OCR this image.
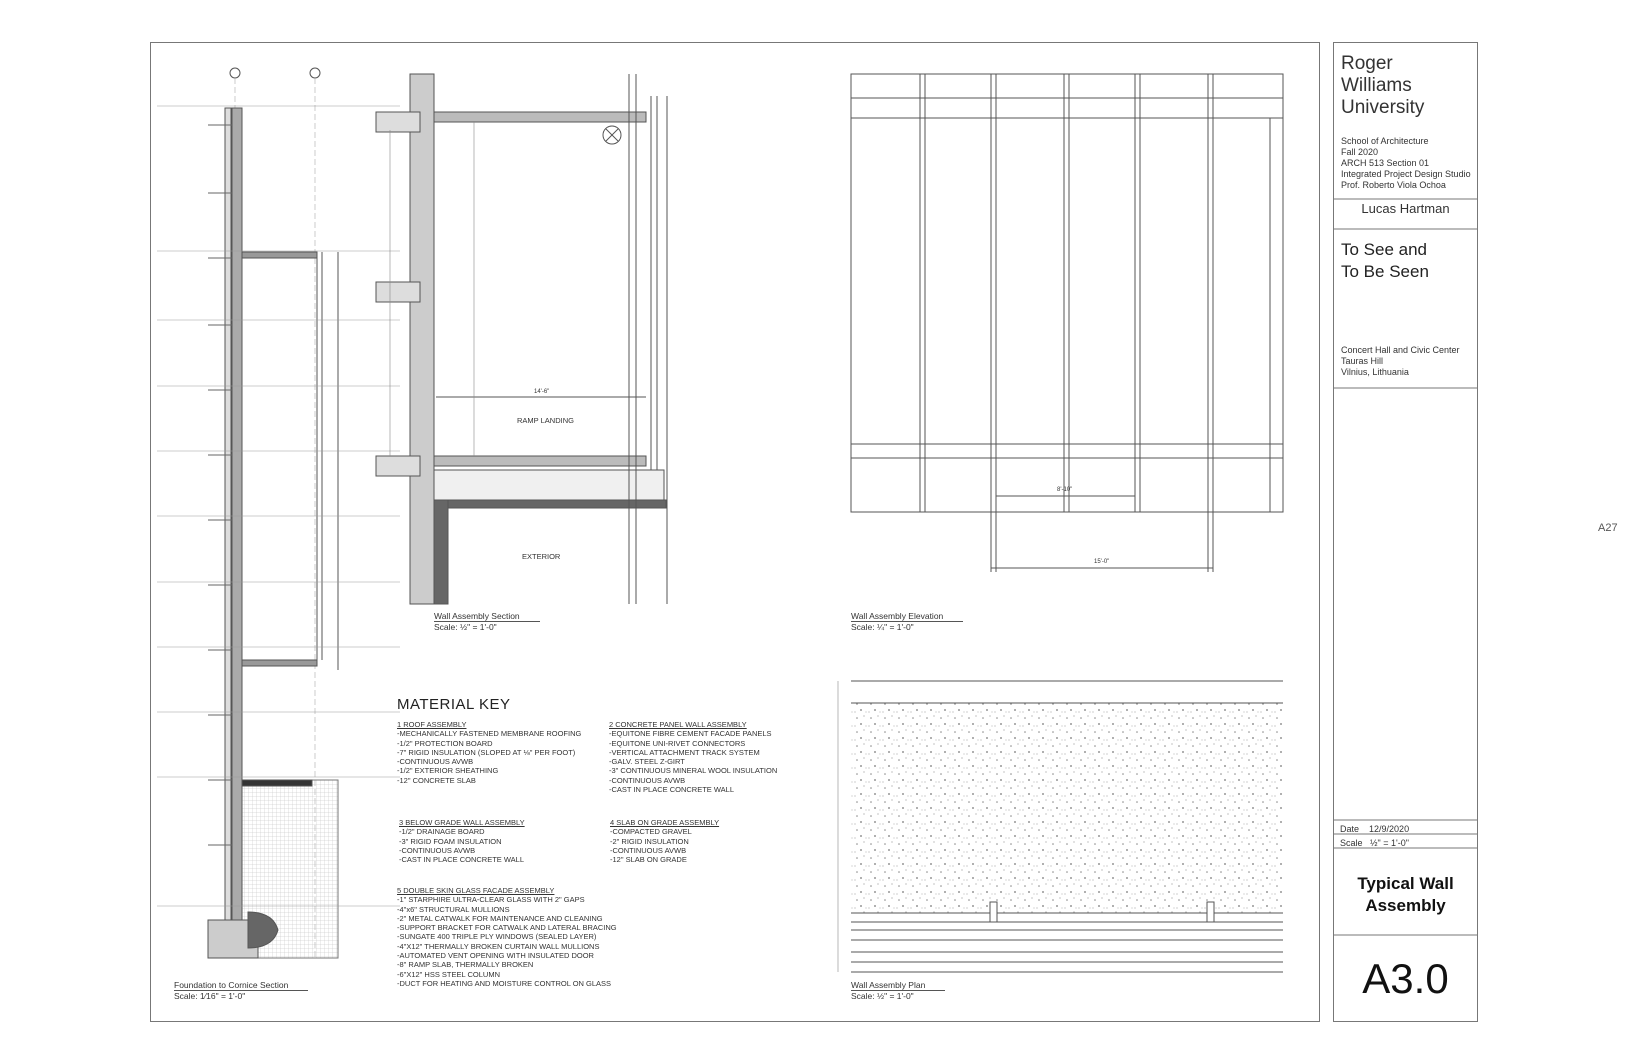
RAMP LANDING
EXTERIOR
14'-6"
8'-10"
15'-0"
Foundation to Cornice Section
Scale: 1⁄16" = 1'-0"
Wall Assembly Section
Scale: ½" = 1'-0"
Wall Assembly Elevation
Scale: ¼" = 1'-0"
Wall Assembly Plan
Scale: ½" = 1'-0"
MATERIAL KEY
1 ROOF ASSEMBLY
-MECHANICALLY FASTENED MEMBRANE ROOFING
-1/2" PROTECTION BOARD
-7" RIGID INSULATION (SLOPED AT ⅛" PER FOOT)
-CONTINUOUS AVWB
-1/2" EXTERIOR SHEATHING
-12" CONCRETE SLAB
2 CONCRETE PANEL WALL ASSEMBLY
-EQUITONE FIBRE CEMENT FACADE PANELS
-EQUITONE UNI-RIVET CONNECTORS
-VERTICAL ATTACHMENT TRACK SYSTEM
-GALV. STEEL Z-GIRT
-3" CONTINUOUS MINERAL WOOL INSULATION
-CONTINUOUS AVWB
-CAST IN PLACE CONCRETE WALL
3 BELOW GRADE WALL ASSEMBLY
-1/2" DRAINAGE BOARD
-3" RIGID FOAM INSULATION
-CONTINUOUS AVWB
-CAST IN PLACE CONCRETE WALL
4 SLAB ON GRADE ASSEMBLY
-COMPACTED GRAVEL
-2" RIGID INSULATION
-CONTINUOUS AVWB
-12" SLAB ON GRADE
5 DOUBLE SKIN GLASS FACADE ASSEMBLY
-1" STARPHIRE ULTRA-CLEAR GLASS WITH 2" GAPS
-4"x6" STRUCTURAL MULLIONS
-2" METAL CATWALK FOR MAINTENANCE AND CLEANING
-SUPPORT BRACKET FOR CATWALK AND LATERAL BRACING
-SUNGATE 400 TRIPLE PLY WINDOWS (SEALED LAYER)
-4"X12" THERMALLY BROKEN CURTAIN WALL MULLIONS
-AUTOMATED VENT OPENING WITH INSULATED DOOR
-8" RAMP SLAB, THERMALLY BROKEN
-6"X12" HSS STEEL COLUMN
-DUCT FOR HEATING AND MOISTURE CONTROL ON GLASS
Roger
Williams
University
School of Architecture
Fall 2020
ARCH 513 Section 01
Integrated Project Design Studio
Prof. Roberto Viola Ochoa
Lucas Hartman
To See and
To Be Seen
Concert Hall and Civic Center
Tauras Hill
Vilnius, Lithuania
Date 12/9/2020
Scale ½" = 1'-0"
Typical Wall
Assembly
A3.0
A27
